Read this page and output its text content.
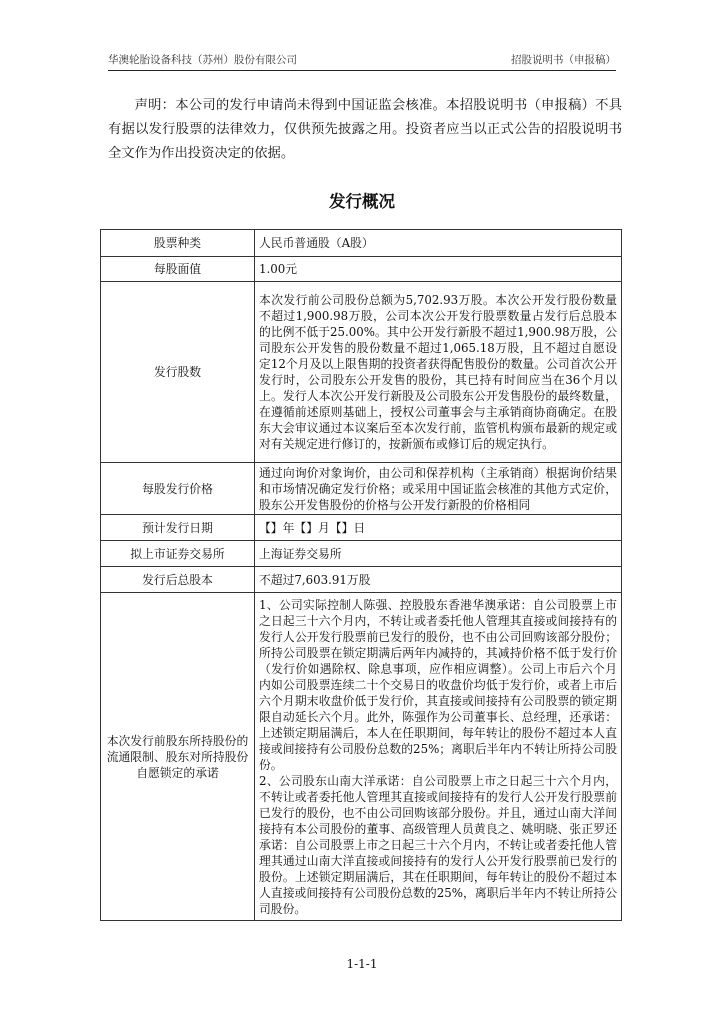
华澳轮胎设备科技（苏州）股份有限公司	招股说明书（申报稿）

声明：本公司的发行申请尚未得到中国证监会核准。本招股说明书（申报稿）不具有据以发行股票的法律效力，仅供预先披露之用。投资者应当以正式公告的招股说明书全文作为作出投资决定的依据。

发行概况
股票种类	人民币普通股（A股）
每股面值	1.00元
发行股数	本次发行前公司股份总额为5,702.93万股。本次公开发行股份数量不超过1,900.98万股，公司本次公开发行股票数量占发行后总股本的比例不低于25.00%。其中公开发行新股不超过1,900.98万股，公司股东公开发售的股份数量不超过1,065.18万股，且不超过自愿设定12个月及以上限售期的投资者获得配售股份的数量。公司首次公开发行时，公司股东公开发售的股份，其已持有时间应当在36个月以上。发行人本次公开发行新股及公司股东公开发售股份的最终数量，在遵循前述原则基础上，授权公司董事会与主承销商协商确定。在股东大会审议通过本议案后至本次发行前，监管机构颁布最新的规定或对有关规定进行修订的，按新颁布或修订后的规定执行。
每股发行价格	通过向询价对象询价，由公司和保荐机构（主承销商）根据询价结果和市场情况确定发行价格；或采用中国证监会核准的其他方式定价，股东公开发售股份的价格与公开发行新股的价格相同
预计发行日期	【】年【】月【】日
拟上市证券交易所	上海证券交易所
发行后总股本	不超过7,603.91万股
本次发行前股东所持股份的流通限制、股东对所持股份自愿锁定的承诺	1、公司实际控制人陈强、控股股东香港华澳承诺：自公司股票上市之日起三十六个月内，不转让或者委托他人管理其直接或间接持有的发行人公开发行股票前已发行的股份，也不由公司回购该部分股份；所持公司股票在锁定期满后两年内减持的，其减持价格不低于发行价（发行价如遇除权、除息事项，应作相应调整）。公司上市后六个月内如公司股票连续二十个交易日的收盘价均低于发行价，或者上市后六个月期末收盘价低于发行价，其直接或间接持有公司股票的锁定期限自动延长六个月。此外，陈强作为公司董事长、总经理，还承诺：上述锁定期届满后，本人在任职期间，每年转让的股份不超过本人直接或间接持有公司股份总数的25%；离职后半年内不转让所持公司股份。
2、公司股东山南大洋承诺：自公司股票上市之日起三十六个月内，不转让或者委托他人管理其直接或间接持有的发行人公开发行股票前已发行的股份，也不由公司回购该部分股份。并且，通过山南大洋间接持有本公司股份的董事、高级管理人员黄良之、姚明晓、张正罗还承诺：自公司股票上市之日起三十六个月内，不转让或者委托他人管理其通过山南大洋直接或间接持有的发行人公开发行股票前已发行的股份。上述锁定期届满后，其在任职期间，每年转让的股份不超过本人直接或间接持有公司股份总数的25%，离职后半年内不转让所持公司股份。
1-1-1
